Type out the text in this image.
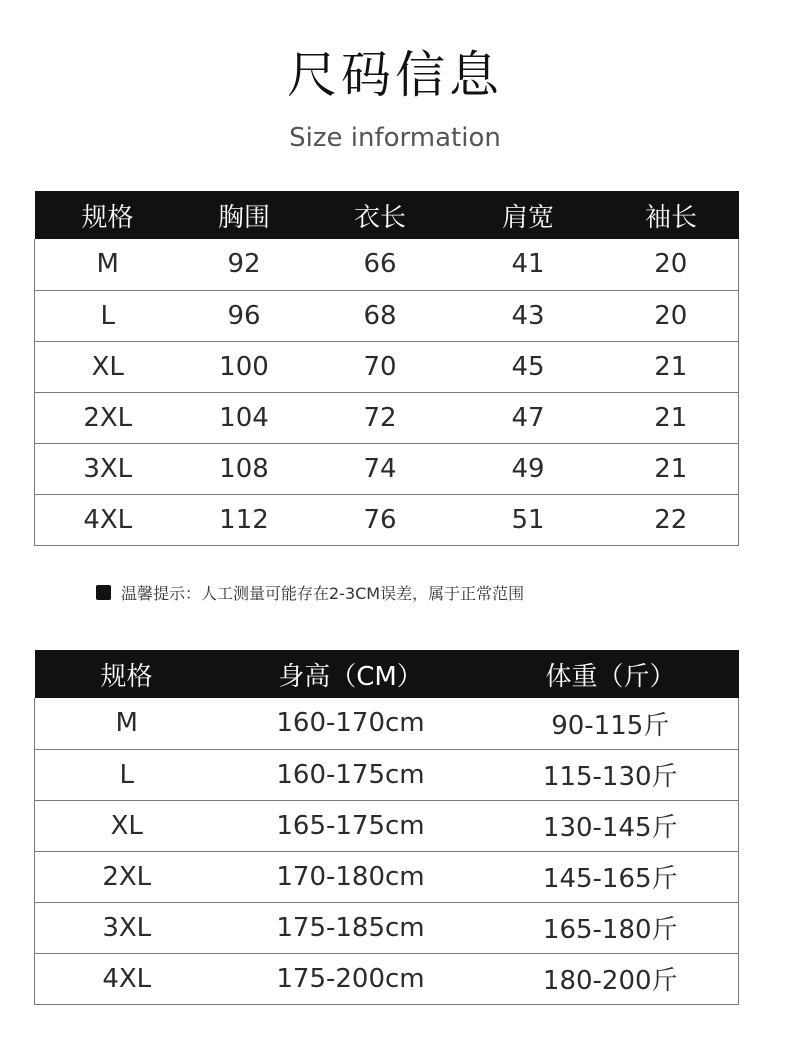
尺码信息
Size information
规格	胸围	衣长	肩宽	袖长
M	92	66	41	20
L	96	68	43	20
XL	100	70	45	21
2XL	104	72	47	21
3XL	108	74	49	21
4XL	112	76	51	22
温馨提示：人工测量可能存在2-3CM误差，属于正常范围
规格	身高（CM）	体重（斤）
M	160-170cm	90-115斤
L	160-175cm	115-130斤
XL	165-175cm	130-145斤
2XL	170-180cm	145-165斤
3XL	175-185cm	165-180斤
4XL	175-200cm	180-200斤
